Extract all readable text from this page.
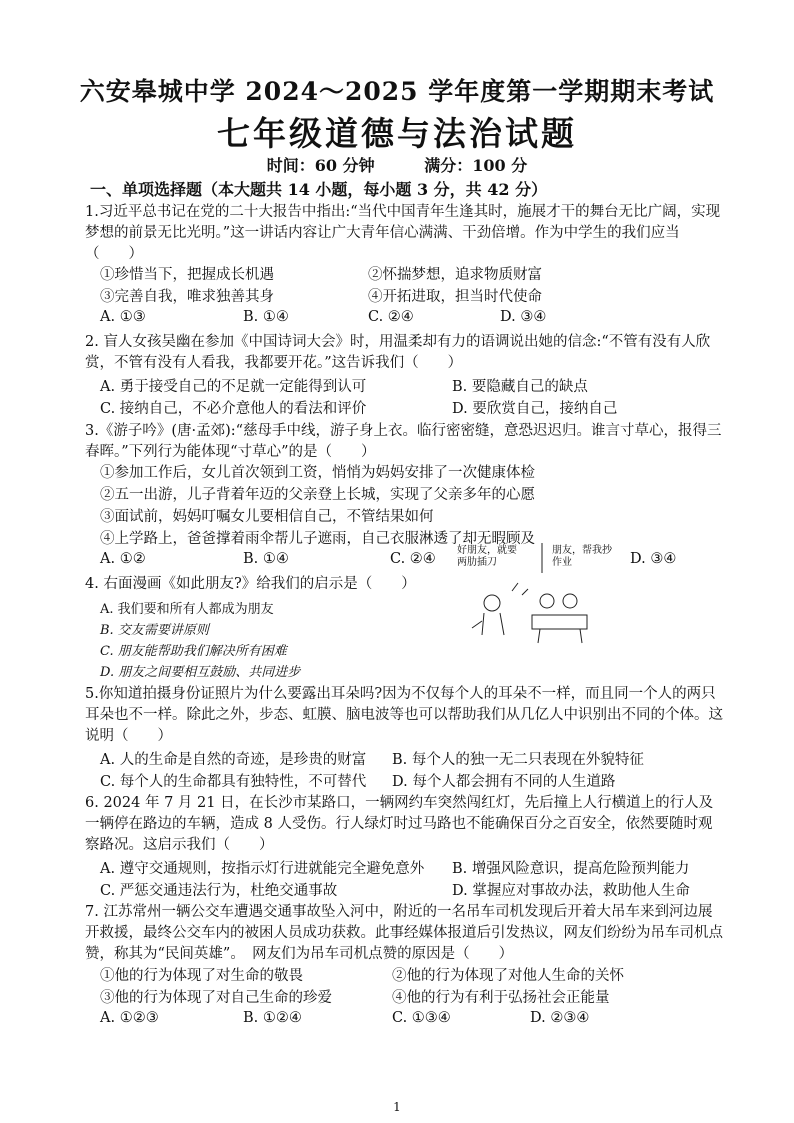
六安皋城中学 2024～2025 学年度第一学期期末考试
七年级道德与法治试题
时间：60 分钟	满分：100 分
一、单项选择题（本大题共 14 小题，每小题 3 分，共 42 分）
1.习近平总书记在党的二十大报告中指出:“当代中国青年生逢其时，施展才干的舞台无比广阔，实现梦想的前景无比光明。”这一讲话内容让广大青年信心满满、干劲倍增。作为中学生的我们应当（　　）
①珍惜当下，把握成长机遇	②怀揣梦想，追求物质财富
③完善自我，唯求独善其身	④开拓进取，担当时代使命
A. ①③	B. ①④	C. ②④	D. ③④
2. 盲人女孩吴幽在参加《中国诗词大会》时，用温柔却有力的语调说出她的信念:“不管有没有人欣赏，不管有没有人看我，我都要开花。”这告诉我们（　　）
A. 勇于接受自己的不足就一定能得到认可	B. 要隐藏自己的缺点
C. 接纳自己，不必介意他人的看法和评价	D. 要欣赏自己，接纳自己
3.《游子吟》(唐·孟郊):“慈母手中线，游子身上衣。临行密密缝，意恐迟迟归。谁言寸草心，报得三春晖。”下列行为能体现“寸草心”的是（　　）
①参加工作后，女儿首次领到工资，悄悄为妈妈安排了一次健康体检
②五一出游，儿子背着年迈的父亲登上长城，实现了父亲多年的心愿
③面试前，妈妈叮嘱女儿要相信自己，不管结果如何
④上学路上，爸爸撑着雨伞帮儿子遮雨，自己衣服淋透了却无暇顾及
A. ①②	B. ①④	C. ②④	D. ③④
4. 右面漫画《如此朋友?》给我们的启示是（　　）
A. 我们要和所有人都成为朋友
B. 交友需要讲原则
C. 朋友能帮助我们解决所有困难
D. 朋友之间要相互鼓励、共同进步
好朋友，就要两肋插刀
朋友，帮我抄作业
5.你知道拍摄身份证照片为什么要露出耳朵吗?因为不仅每个人的耳朵不一样，而且同一个人的两只耳朵也不一样。除此之外，步态、虹膜、脑电波等也可以帮助我们从几亿人中识别出不同的个体。这说明（　　）
A. 人的生命是自然的奇迹，是珍贵的财富 B. 每个人的独一无二只表现在外貌特征
C. 每个人的生命都具有独特性，不可替代 D. 每个人都会拥有不同的人生道路
6. 2024 年 7 月 21 日，在长沙市某路口，一辆网约车突然闯红灯，先后撞上人行横道上的行人及一辆停在路边的车辆，造成 8 人受伤。行人绿灯时过马路也不能确保百分之百安全，依然要随时观察路况。这启示我们（　　）
A. 遵守交通规则，按指示灯行进就能完全避免意外 B. 增强风险意识，提高危险预判能力
C. 严惩交通违法行为，杜绝交通事故	D. 掌握应对事故办法，救助他人生命
7. 江苏常州一辆公交车遭遇交通事故坠入河中，附近的一名吊车司机发现后开着大吊车来到河边展开救援，最终公交车内的被困人员成功获救。此事经媒体报道后引发热议，网友们纷纷为吊车司机点赞，称其为“民间英雄”。　网友们为吊车司机点赞的原因是（　　）
①他的行为体现了对生命的敬畏	②他的行为体现了对他人生命的关怀
③他的行为体现了对自己生命的珍爱	④他的行为有利于弘扬社会正能量
A. ①②③	B. ①②④	C. ①③④	D. ②③④
1
